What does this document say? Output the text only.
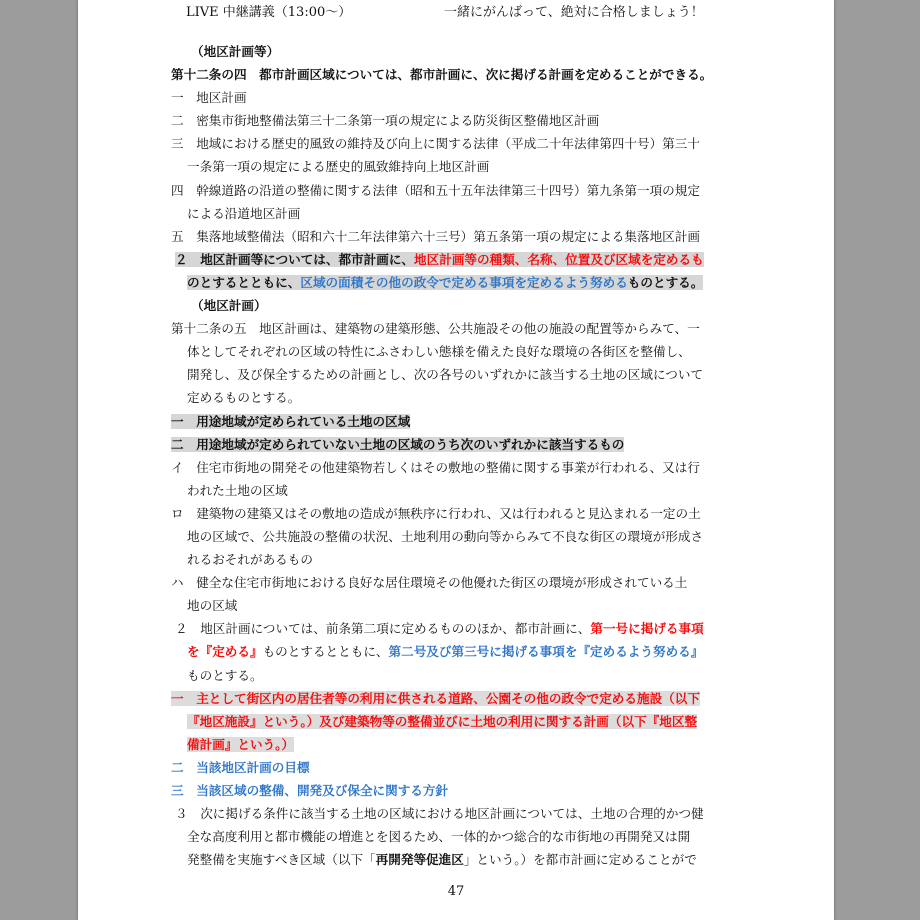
LIVE 中継講義（13:00～）	一緒にがんばって、絶対に合格しましょう！
（地区計画等）
第十二条の四　都市計画区域については、都市計画に、次に掲げる計画を定めることができる。
一　地区計画
二　密集市街地整備法第三十二条第一項の規定による防災街区整備地区計画
三　地域における歴史的風致の維持及び向上に関する法律（平成二十年法律第四十号）第三十
一条第一項の規定による歴史的風致維持向上地区計画
四　幹線道路の沿道の整備に関する法律（昭和五十五年法律第三十四号）第九条第一項の規定
による沿道地区計画
五　集落地域整備法（昭和六十二年法律第六十三号）第五条第一項の規定による集落地区計画
２　地区計画等については、都市計画に、地区計画等の種類、名称、位置及び区域を定めるも
のとするとともに、区域の面積その他の政令で定める事項を定めるよう努めるものとする。
（地区計画）
第十二条の五　地区計画は、建築物の建築形態、公共施設その他の施設の配置等からみて、一
体としてそれぞれの区域の特性にふさわしい態様を備えた良好な環境の各街区を整備し、
開発し、及び保全するための計画とし、次の各号のいずれかに該当する土地の区域について
定めるものとする。
一　用途地域が定められている土地の区域
二　用途地域が定められていない土地の区域のうち次のいずれかに該当するもの
イ　住宅市街地の開発その他建築物若しくはその敷地の整備に関する事業が行われる、又は行
われた土地の区域
ロ　建築物の建築又はその敷地の造成が無秩序に行われ、又は行われると見込まれる一定の土
地の区域で、公共施設の整備の状況、土地利用の動向等からみて不良な街区の環境が形成さ
れるおそれがあるもの
ハ　健全な住宅市街地における良好な居住環境その他優れた街区の環境が形成されている土
地の区域
２　地区計画については、前条第二項に定めるもののほか、都市計画に、第一号に掲げる事項
を『定める』ものとするとともに、第二号及び第三号に掲げる事項を『定めるよう努める』
ものとする。
一　主として街区内の居住者等の利用に供される道路、公園その他の政令で定める施設（以下
『地区施設』という。）及び建築物等の整備並びに土地の利用に関する計画（以下『地区整
備計画』という。）
二　当該地区計画の目標
三　当該区域の整備、開発及び保全に関する方針
３　次に掲げる条件に該当する土地の区域における地区計画については、土地の合理的かつ健
全な高度利用と都市機能の増進とを図るため、一体的かつ総合的な市街地の再開発又は開
発整備を実施すべき区域（以下「再開発等促進区」という。）を都市計画に定めることがで
47
